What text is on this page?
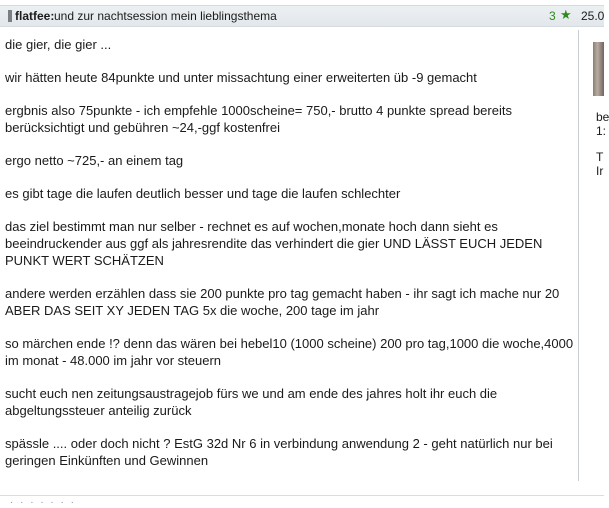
flatfee: und zur nachtsession mein lieblingsthema	3 ★ 25.0

die gier, die gier ...

wir hätten heute 84punkte und unter missachtung einer erweiterten üb -9 gemacht

ergbnis also 75punkte - ich empfehle 1000scheine= 750,- brutto 4 punkte spread bereits berücksichtigt und gebühren ~24,-ggf kostenfrei

ergo netto ~725,- an einem tag

es gibt tage die laufen deutlich besser und tage die laufen schlechter

das ziel bestimmt man nur selber - rechnet es auf wochen,monate hoch dann sieht es beeindruckender aus ggf als jahresrendite das verhindert die gier UND LÄSST EUCH JEDEN PUNKT WERT SCHÄTZEN

andere werden erzählen dass sie 200 punkte pro tag gemacht haben - ihr sagt ich mache nur 20 ABER DAS SEIT XY JEDEN TAG 5x die woche, 200 tage im jahr

so märchen ende !? denn das wären bei hebel10 (1000 scheine) 200 pro tag,1000 die woche,4000 im monat - 48.000 im jahr vor steuern

sucht euch nen zeitungsaustragejob fürs we und am ende des jahres holt ihr euch die abgeltungssteuer anteilig zurück

spässle .... oder doch nicht ? EstG 32d Nr 6 in verbindung anwendung 2 - geht natürlich nur bei geringen Einkünften und Gewinnen

be
1:
T
Ir
· · · · · · ·
